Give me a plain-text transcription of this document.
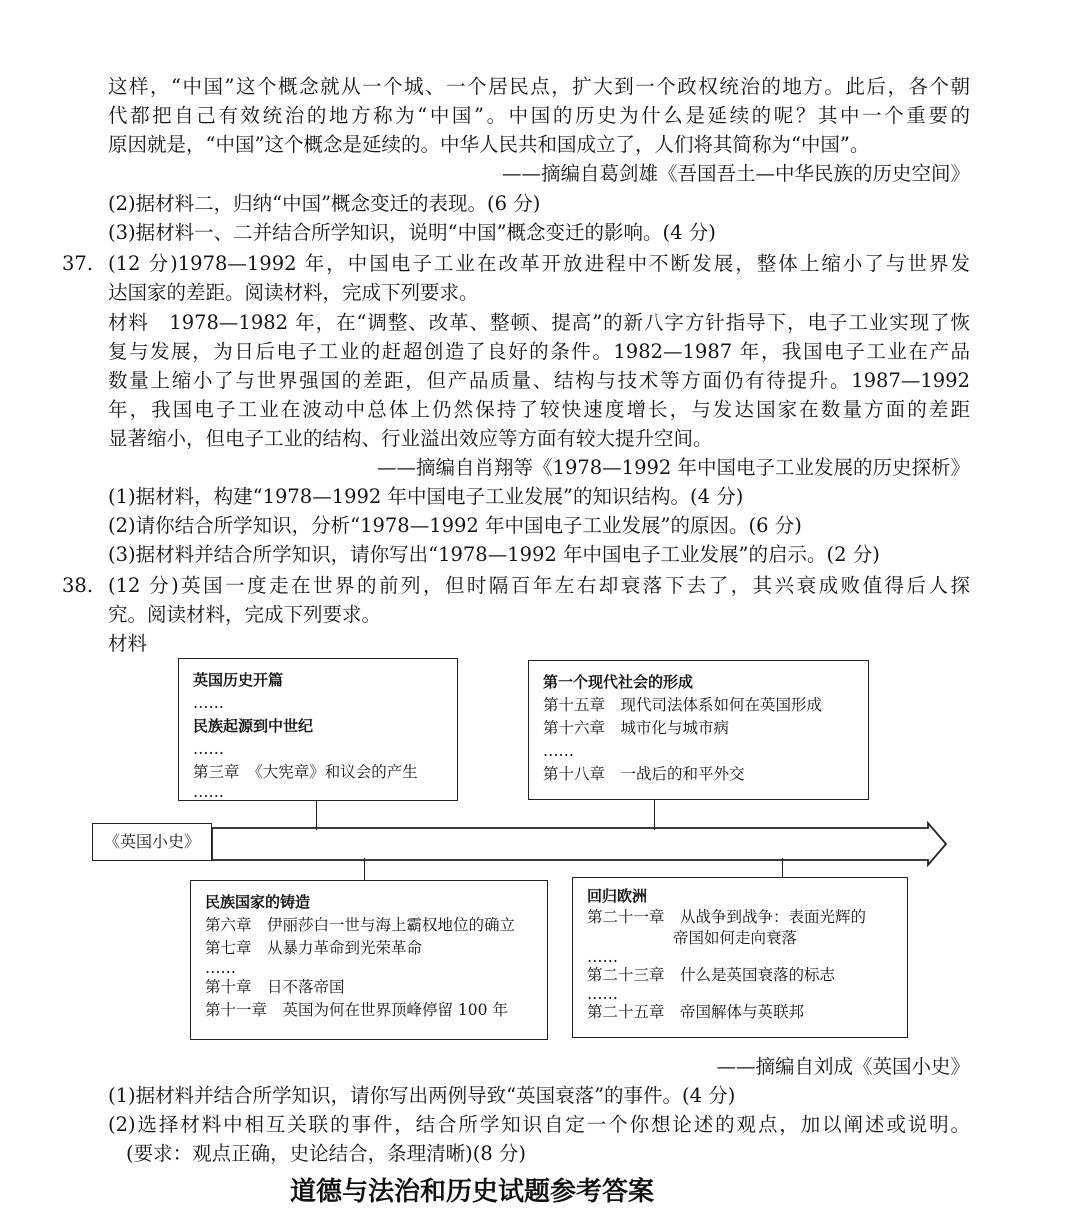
这样，“中国”这个概念就从一个城、一个居民点，扩大到一个政权统治的地方。此后，各个朝
代都把自己有效统治的地方称为“中国”。中国的历史为什么是延续的呢？其中一个重要的
原因就是，“中国”这个概念是延续的。中华人民共和国成立了，人们将其简称为“中国”。
——摘编自葛剑雄《吾国吾土—中华民族的历史空间》
(2)据材料二，归纳“中国”概念变迁的表现。(6 分)
(3)据材料一、二并结合所学知识，说明“中国”概念变迁的影响。(4 分)
37. (12 分)1978—1992 年，中国电子工业在改革开放进程中不断发展，整体上缩小了与世界发
达国家的差距。阅读材料，完成下列要求。
材料　1978—1982 年，在“调整、改革、整顿、提高”的新八字方针指导下，电子工业实现了恢
复与发展，为日后电子工业的赶超创造了良好的条件。1982—1987 年，我国电子工业在产品
数量上缩小了与世界强国的差距，但产品质量、结构与技术等方面仍有待提升。1987—1992
年，我国电子工业在波动中总体上仍然保持了较快速度增长，与发达国家在数量方面的差距
显著缩小，但电子工业的结构、行业溢出效应等方面有较大提升空间。
——摘编自肖翔等《1978—1992 年中国电子工业发展的历史探析》
(1)据材料，构建“1978—1992 年中国电子工业发展”的知识结构。(4 分)
(2)请你结合所学知识，分析“1978—1992 年中国电子工业发展”的原因。(6 分)
(3)据材料并结合所学知识，请你写出“1978—1992 年中国电子工业发展”的启示。(2 分)
38. (12 分)英国一度走在世界的前列，但时隔百年左右却衰落下去了，其兴衰成败值得后人探
究。阅读材料，完成下列要求。
材料
《英国小史》
英国历史开篇
……
民族起源到中世纪
……
第三章　《大宪章》和议会的产生
……
第一个现代社会的形成
第十五章　现代司法体系如何在英国形成
第十六章　城市化与城市病
……
第十八章　一战后的和平外交
民族国家的铸造
第六章　伊丽莎白一世与海上霸权地位的确立
第七章　从暴力革命到光荣革命
……
第十章　日不落帝国
第十一章　英国为何在世界顶峰停留 100 年
回归欧洲
第二十一章　从战争到战争：表面光辉的
帝国如何走向衰落
……
第二十三章　什么是英国衰落的标志
……
第二十五章　帝国解体与英联邦
——摘编自刘成《英国小史》
(1)据材料并结合所学知识，请你写出两例导致“英国衰落”的事件。(4 分)
(2)选择材料中相互关联的事件，结合所学知识自定一个你想论述的观点，加以阐述或说明。
(要求：观点正确，史论结合，条理清晰)(8 分)
道德与法治和历史试题参考答案
